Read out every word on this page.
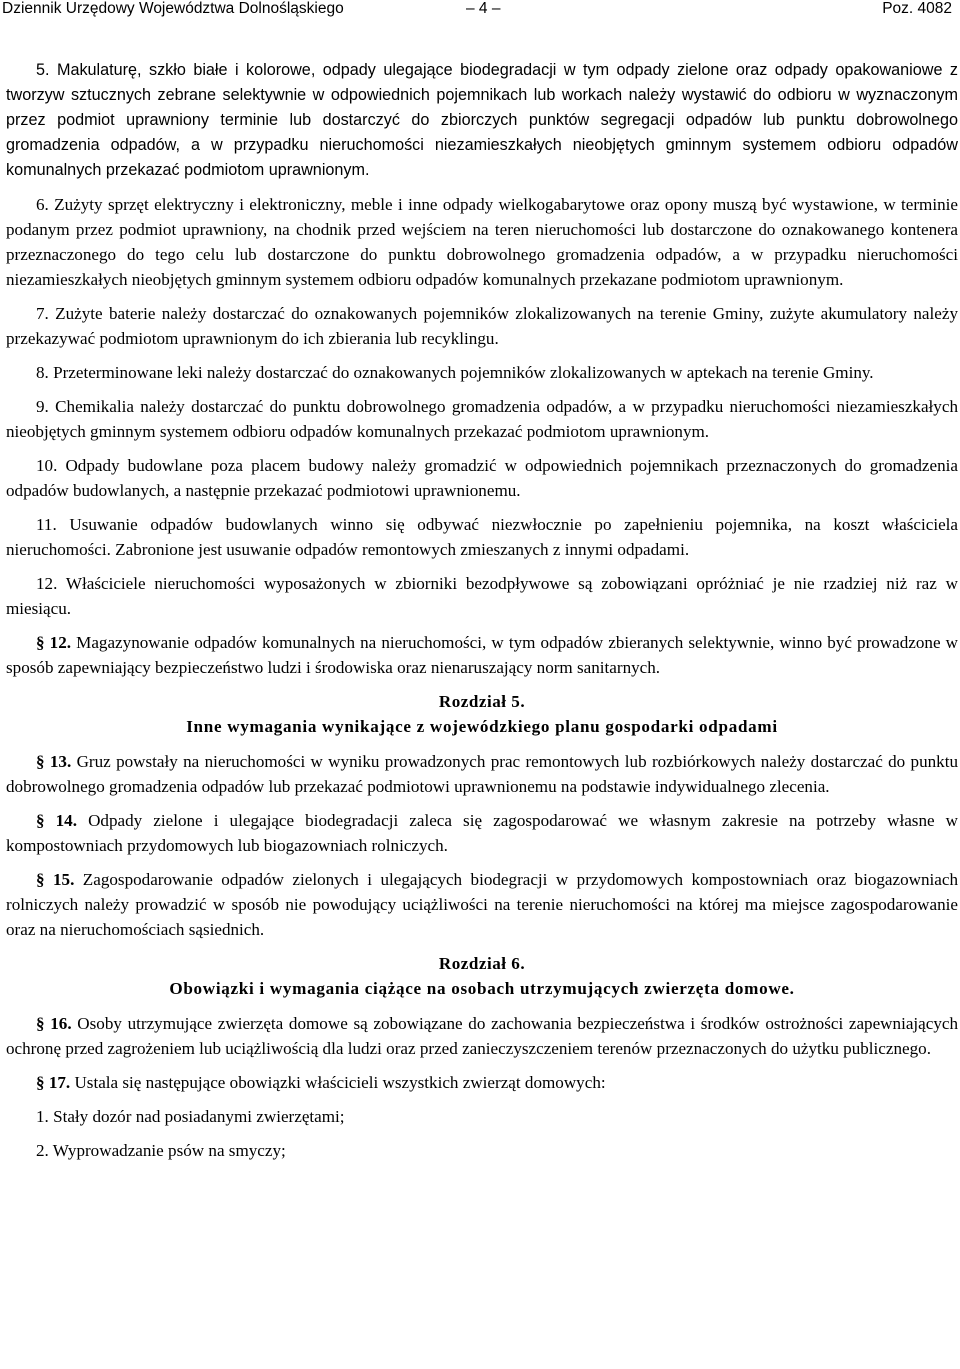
Dziennik Urzędowy Województwa Dolnośląskiego	– 4 –	Poz. 4082

5. Makulaturę, szkło białe i kolorowe, odpady ulegające biodegradacji w tym odpady zielone oraz odpady opakowaniowe z tworzyw sztucznych zebrane selektywnie w odpowiednich pojemnikach lub workach należy wystawić do odbioru w wyznaczonym przez podmiot uprawniony terminie lub dostarczyć do zbiorczych punktów segregacji odpadów lub punktu dobrowolnego gromadzenia odpadów, a w przypadku nieruchomości niezamieszkałych nieobjętych gminnym systemem odbioru odpadów komunalnych przekazać podmiotom uprawnionym.

6. Zużyty sprzęt elektryczny i elektroniczny, meble i inne odpady wielkogabarytowe oraz opony muszą być wystawione, w terminie podanym przez podmiot uprawniony, na chodnik przed wejściem na teren nieruchomości lub dostarczone do oznakowanego kontenera przeznaczonego do tego celu lub dostarczone do punktu dobrowolnego gromadzenia odpadów, a w przypadku nieruchomości niezamieszkałych nieobjętych gminnym systemem odbioru odpadów komunalnych przekazane podmiotom uprawnionym.

7. Zużyte baterie należy dostarczać do oznakowanych pojemników zlokalizowanych na terenie Gminy, zużyte akumulatory należy przekazywać podmiotom uprawnionym do ich zbierania lub recyklingu.

8. Przeterminowane leki należy dostarczać do oznakowanych pojemników zlokalizowanych w aptekach na terenie Gminy.

9. Chemikalia należy dostarczać do punktu dobrowolnego gromadzenia odpadów, a w przypadku nieruchomości niezamieszkałych nieobjętych gminnym systemem odbioru odpadów komunalnych przekazać podmiotom uprawnionym.

10. Odpady budowlane poza placem budowy należy gromadzić w odpowiednich pojemnikach przeznaczonych do gromadzenia odpadów budowlanych, a następnie przekazać podmiotowi uprawnionemu.

11. Usuwanie odpadów budowlanych winno się odbywać niezwłocznie po zapełnieniu pojemnika, na koszt właściciela nieruchomości. Zabronione jest usuwanie odpadów remontowych zmieszanych z innymi odpadami.

12. Właściciele nieruchomości wyposażonych w zbiorniki bezodpływowe są zobowiązani opróżniać je nie rzadziej niż raz w miesiącu.

§ 12. Magazynowanie odpadów komunalnych na nieruchomości, w tym odpadów zbieranych selektywnie, winno być prowadzone w sposób zapewniający bezpieczeństwo ludzi i środowiska oraz nienaruszający norm sanitarnych.

Rozdział 5.
Inne wymagania wynikające z wojewódzkiego planu gospodarki odpadami

§ 13. Gruz powstały na nieruchomości w wyniku prowadzonych prac remontowych lub rozbiórkowych należy dostarczać do punktu dobrowolnego gromadzenia odpadów lub przekazać podmiotowi uprawnionemu na podstawie indywidualnego zlecenia.

§ 14. Odpady zielone i ulegające biodegradacji zaleca się zagospodarować we własnym zakresie na potrzeby własne w kompostowniach przydomowych lub biogazowniach rolniczych.

§ 15. Zagospodarowanie odpadów zielonych i ulegających biodegracji w przydomowych kompostowniach oraz biogazowniach rolniczych należy prowadzić w sposób nie powodujący uciążliwości na terenie nieruchomości na której ma miejsce zagospodarowanie oraz na nieruchomościach sąsiednich.

Rozdział 6.
Obowiązki i wymagania ciążące na osobach utrzymujących zwierzęta domowe.

§ 16. Osoby utrzymujące zwierzęta domowe są zobowiązane do zachowania bezpieczeństwa i środków ostrożności zapewniających ochronę przed zagrożeniem lub uciążliwością dla ludzi oraz przed zanieczyszczeniem terenów przeznaczonych do użytku publicznego.

§ 17. Ustala się następujące obowiązki właścicieli wszystkich zwierząt domowych:

1. Stały dozór nad posiadanymi zwierzętami;

2. Wyprowadzanie psów na smyczy;
